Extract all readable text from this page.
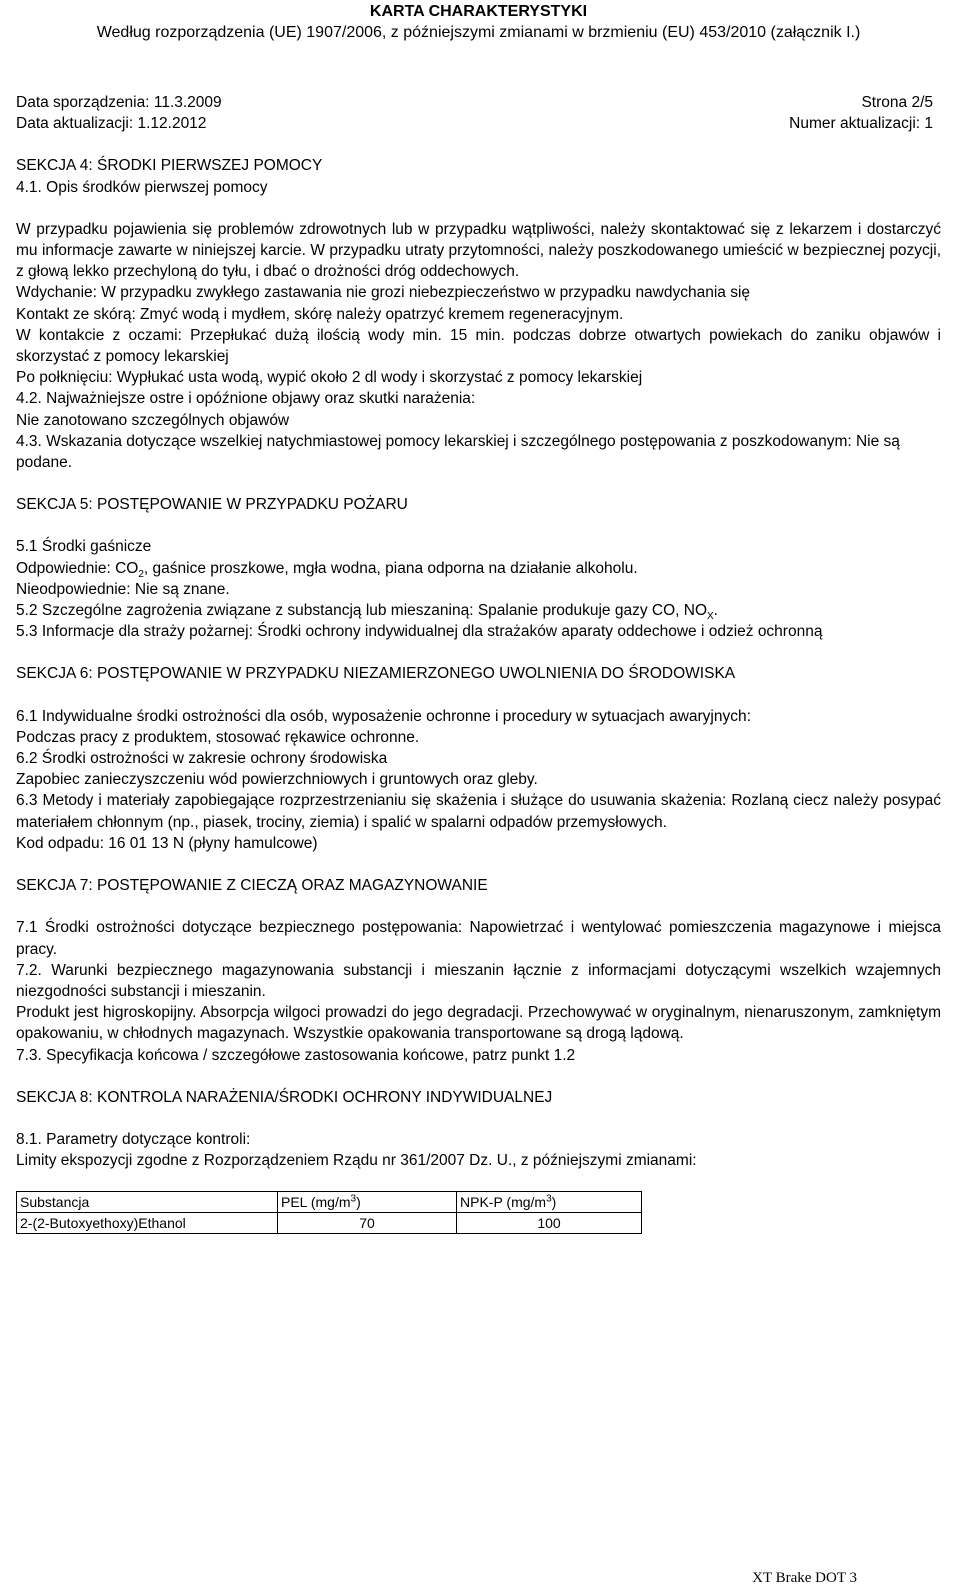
KARTA CHARAKTERYSTYKI
Według rozporządzenia (UE) 1907/2006, z późniejszymi zmianami w brzmieniu (EU) 453/2010 (załącznik I.)
Data sporządzenia: 11.3.2009	Strona 2/5
Data aktualizacji: 1.12.2012	Numer aktualizacji: 1

SEKCJA 4: ŚRODKI PIERWSZEJ POMOCY

4.1. Opis środków pierwszej pomocy

W przypadku pojawienia się problemów zdrowotnych lub w przypadku wątpliwości, należy skontaktować się z lekarzem i dostarczyć mu informacje zawarte w niniejszej karcie. W przypadku utraty przytomności, należy poszkodowanego umieścić w bezpiecznej pozycji, z głową lekko przechyloną do tyłu, i dbać o drożności dróg oddechowych.

Wdychanie: W przypadku zwykłego zastawania nie grozi niebezpieczeństwo w przypadku nawdychania się

Kontakt ze skórą: Zmyć wodą i mydłem, skórę należy opatrzyć kremem regeneracyjnym.

W kontakcie z oczami: Przepłukać dużą ilością wody min. 15 min. podczas dobrze otwartych powiekach do zaniku objawów i skorzystać z pomocy lekarskiej

Po połknięciu: Wypłukać usta wodą, wypić około 2 dl wody i skorzystać z pomocy lekarskiej

4.2. Najważniejsze ostre i opóźnione objawy oraz skutki narażenia:

Nie zanotowano szczególnych objawów

4.3. Wskazania dotyczące wszelkiej natychmiastowej pomocy lekarskiej i szczególnego postępowania z poszkodowanym: Nie są podane.

SEKCJA 5: POSTĘPOWANIE W PRZYPADKU POŻARU

5.1 Środki gaśnicze

Odpowiednie: $CO_2$, gaśnice proszkowe, mgła wodna, piana odporna na działanie alkoholu.

Nieodpowiednie: Nie są znane.

5.2 Szczególne zagrożenia związane z substancją lub mieszaniną: Spalanie produkuje gazy CO, $NO_X$.

5.3 Informacje dla straży pożarnej: Środki ochrony indywidualnej dla strażaków aparaty oddechowe i odzież ochronną

SEKCJA 6: POSTĘPOWANIE W PRZYPADKU NIEZAMIERZONEGO UWOLNIENIA DO ŚRODOWISKA

6.1 Indywidualne środki ostrożności dla osób, wyposażenie ochronne i procedury w sytuacjach awaryjnych:

Podczas pracy z produktem, stosować rękawice ochronne.

6.2 Środki ostrożności w zakresie ochrony środowiska

Zapobiec zanieczyszczeniu wód powierzchniowych i gruntowych oraz gleby.

6.3 Metody i materiały zapobiegające rozprzestrzenianiu się skażenia i służące do usuwania skażenia: Rozlaną ciecz należy posypać materiałem chłonnym (np., piasek, trociny, ziemia) i spalić w spalarni odpadów przemysłowych.

Kod odpadu: 16 01 13 N (płyny hamulcowe)

SEKCJA 7: POSTĘPOWANIE Z CIECZĄ ORAZ MAGAZYNOWANIE

7.1 Środki ostrożności dotyczące bezpiecznego postępowania: Napowietrzać i wentylować pomieszczenia magazynowe i miejsca pracy.

7.2. Warunki bezpiecznego magazynowania substancji i mieszanin łącznie z informacjami dotyczącymi wszelkich wzajemnych niezgodności substancji i mieszanin.

Produkt jest higroskopijny. Absorpcja wilgoci prowadzi do jego degradacji. Przechowywać w oryginalnym, nienaruszonym, zamkniętym opakowaniu, w chłodnych magazynach. Wszystkie opakowania transportowane są drogą lądową.

7.3. Specyfikacja końcowa / szczegółowe zastosowania końcowe, patrz punkt 1.2

SEKCJA 8: KONTROLA NARAŻENIA/ŚRODKI OCHRONY INDYWIDUALNEJ

8.1. Parametry dotyczące kontroli:

Limity ekspozycji zgodne z Rozporządzeniem Rządu nr 361/2007 Dz. U., z późniejszymi zmianami:

Substancja	PEL $(mg/m^3)$	NPK-P $(mg/m^3)$
2-(2-Butoxyethoxy)Ethanol	70	100
XT Brake DOT 3
